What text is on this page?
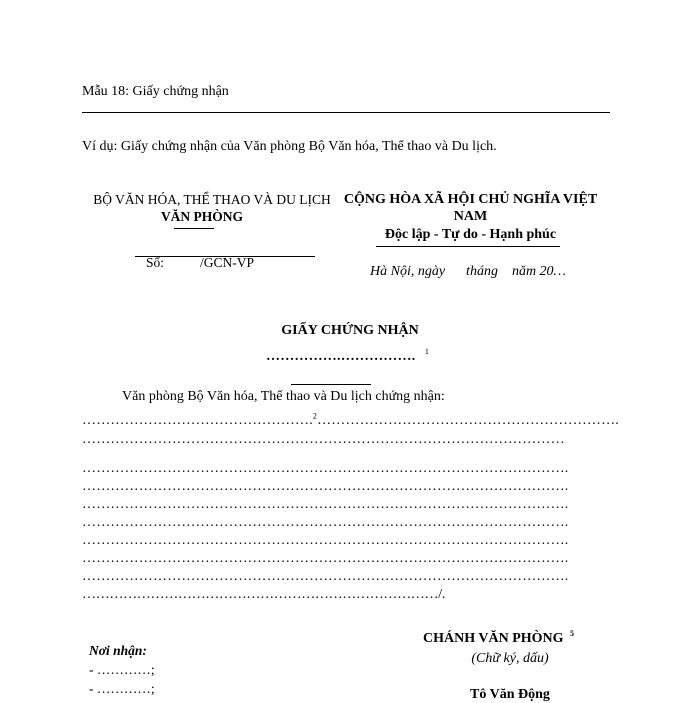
Mẫu 18: Giấy chứng nhận
Ví dụ: Giấy chứng nhận của Văn phòng Bộ Văn hóa, Thể thao và Du lịch.
BỘ VĂN HÓA, THỂ THAO VÀ DU LỊCH
VĂN PHÒNG
Số:	/GCN-VP
CỘNG HÒA XÃ HỘI CHỦ NGHĨA VIỆT
NAM
Độc lập - Tự do - Hạnh phúc
Hà Nội, ngày      tháng    năm 20…
GIẤY CHỨNG NHẬN
…………….……………. $^1$
Văn phòng Bộ Văn hóa, Thể thao và Du lịch chứng nhận:
………………………………………….$^2$……………………………………………………….
…………………………………………………………………………………………
………………………………………………………………………………………….
………………………………………………………………………………………….
………………………………………………………………………………………….
………………………………………………………………………………………….
………………………………………………………………………………………….
………………………………………………………………………………………….
………………………………………………………………………………………….
……………………………………………………………………/.
Nơi nhận:
- …………;
- …………;
CHÁNH VĂN PHÒNG $^5$
(Chữ ký, dấu)
Tô Văn Động
